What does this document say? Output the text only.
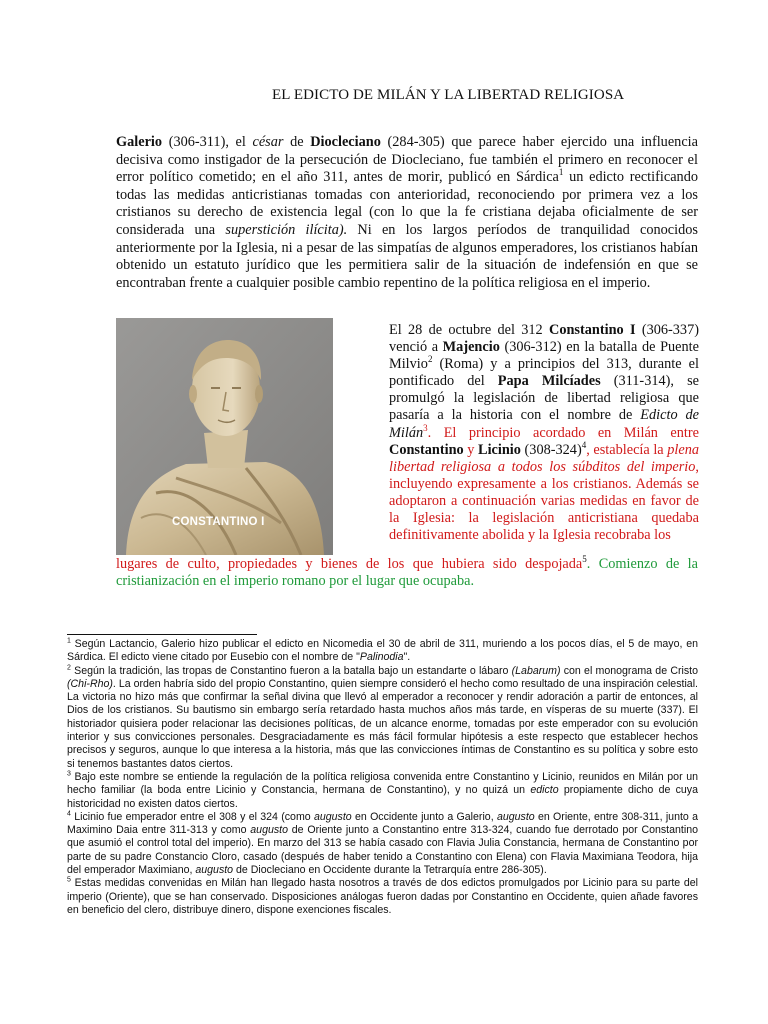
EL EDICTO DE MILÁN Y LA LIBERTAD RELIGIOSA

Galerio (306-311), el césar de Diocleciano (284-305) que parece haber ejercido una influencia decisiva como instigador de la persecución de Diocleciano, fue también el primero en reconocer el error político cometido; en el año 311, antes de morir, publicó en Sárdica$^1$ un edicto rectificando todas las medidas anticristianas tomadas con anterioridad, reconociendo por primera vez a los cristianos su derecho de existencia legal (con lo que la fe cristiana dejaba oficialmente de ser considerada una superstición ilícita). Ni en los largos períodos de tranquilidad conocidos anteriormente por la Iglesia, ni a pesar de las simpatías de algunos emperadores, los cristianos habían obtenido un estatuto jurídico que les permitiera salir de la situación de indefensión en que se encontraban frente a cualquier posible cambio repentino de la política religiosa en el imperio.

CONSTANTINO I

El 28 de octubre del 312 Constantino I (306-337) venció a Majencio (306-312) en la batalla de Puente Milvio$^2$ (Roma) y a principios del 313, durante el pontificado del Papa Milcíades (311-314), se promulgó la legislación de libertad religiosa que pasaría a la historia con el nombre de Edicto de Milán$^3$. El principio acordado en Milán entre Constantino y Licinio $(308-324)^4$, establecía la plena libertad religiosa a todos los súbditos del imperio, incluyendo expresamente a los cristianos. Además se adoptaron a continuación varias medidas en favor de la Iglesia: la legislación anticristiana quedaba definitivamente abolida y la Iglesia recobraba los

lugares de culto, propiedades y bienes de los que hubiera sido despojada$^5$. Comienzo de la cristianización en el imperio romano por el lugar que ocupaba.

$^1$ Según Lactancio, Galerio hizo publicar el edicto en Nicomedia el 30 de abril de 311, muriendo a los pocos días, el 5 de mayo, en Sárdica. El edicto viene citado por Eusebio con el nombre de "Palinodia".

$^2$ Según la tradición, las tropas de Constantino fueron a la batalla bajo un estandarte o lábaro (Labarum) con el monograma de Cristo (Chi-Rho). La orden habría sido del propio Constantino, quien siempre consideró el hecho como resultado de una inspiración celestial. La victoria no hizo más que confirmar la señal divina que llevó al emperador a reconocer y rendir adoración a partir de entonces, al Dios de los cristianos. Su bautismo sin embargo sería retardado hasta muchos años más tarde, en vísperas de su muerte (337). El historiador quisiera poder relacionar las decisiones políticas, de un alcance enorme, tomadas por este emperador con su evolución interior y sus convicciones personales. Desgraciadamente es más fácil formular hipótesis a este respecto que establecer hechos precisos y seguros, aunque lo que interesa a la historia, más que las convicciones íntimas de Constantino es su política y sobre esto si tenemos bastantes datos ciertos.

$^3$ Bajo este nombre se entiende la regulación de la política religiosa convenida entre Constantino y Licinio, reunidos en Milán por un hecho familiar (la boda entre Licinio y Constancia, hermana de Constantino), y no quizá un edicto propiamente dicho de cuya historicidad no existen datos ciertos.

$^4$ Licinio fue emperador entre el 308 y el 324 (como augusto en Occidente junto a Galerio, augusto en Oriente, entre 308-311, junto a Maximino Daia entre 311-313 y como augusto de Oriente junto a Constantino entre 313-324, cuando fue derrotado por Constantino que asumió el control total del imperio). En marzo del 313 se había casado con Flavia Julia Constancia, hermana de Constantino por parte de su padre Constancio Cloro, casado (después de haber tenido a Constantino con Elena) con Flavia Maximiana Teodora, hija del emperador Maximiano, augusto de Diocleciano en Occidente durante la Tetrarquía entre 286-305).

$^5$ Estas medidas convenidas en Milán han llegado hasta nosotros a través de dos edictos promulgados por Licinio para su parte del imperio (Oriente), que se han conservado. Disposiciones análogas fueron dadas por Constantino en Occidente, quien añade favores en beneficio del clero, distribuye dinero, dispone exenciones fiscales.
